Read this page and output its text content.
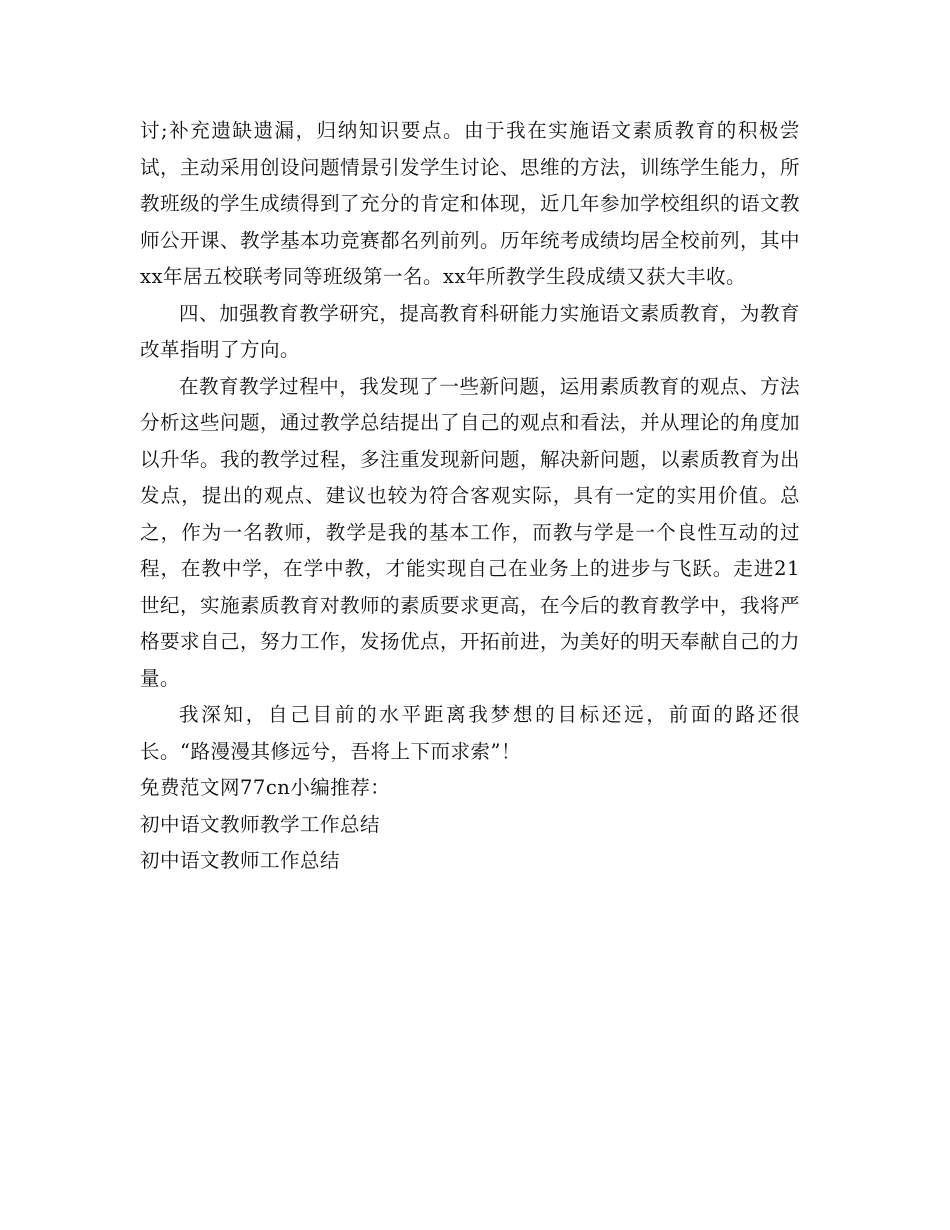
讨;补充遗缺遗漏，归纳知识要点。由于我在实施语文素质教育的积极尝试，主动采用创设问题情景引发学生讨论、思维的方法，训练学生能力，所教班级的学生成绩得到了充分的肯定和体现，近几年参加学校组织的语文教师公开课、教学基本功竞赛都名列前列。历年统考成绩均居全校前列，其中xx年居五校联考同等班级第一名。xx年所教学生段成绩又获大丰收。

四、加强教育教学研究，提高教育科研能力实施语文素质教育，为教育改革指明了方向。

在教育教学过程中，我发现了一些新问题，运用素质教育的观点、方法分析这些问题，通过教学总结提出了自己的观点和看法，并从理论的角度加以升华。我的教学过程，多注重发现新问题，解决新问题，以素质教育为出发点，提出的观点、建议也较为符合客观实际，具有一定的实用价值。总之，作为一名教师，教学是我的基本工作，而教与学是一个良性互动的过程，在教中学，在学中教，才能实现自己在业务上的进步与飞跃。走进21世纪，实施素质教育对教师的素质要求更高，在今后的教育教学中，我将严格要求自己，努力工作，发扬优点，开拓前进，为美好的明天奉献自己的力量。

我深知，自己目前的水平距离我梦想的目标还远，前面的路还很长。“路漫漫其修远兮，吾将上下而求索”！

免费范文网77cn小编推荐：

初中语文教师教学工作总结

初中语文教师工作总结
